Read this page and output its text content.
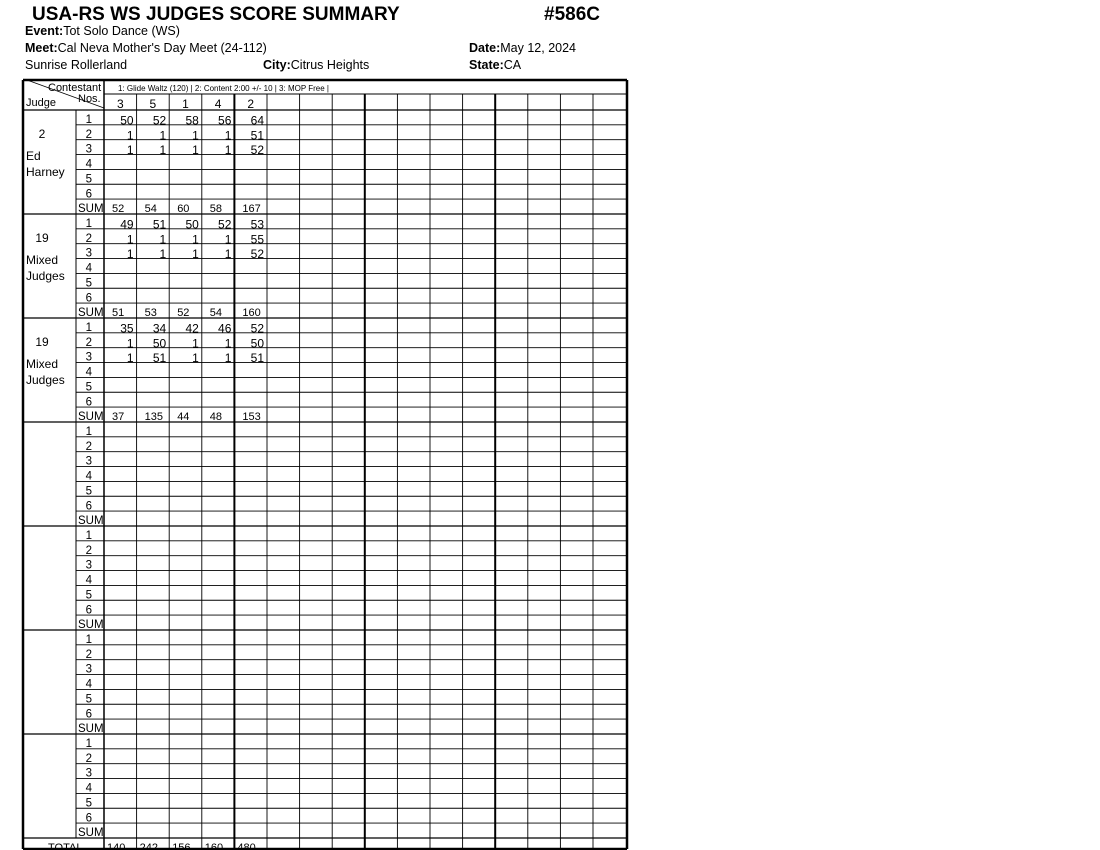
USA-RS WS JUDGES SCORE SUMMARY	#586C
Event:Tot Solo Dance (WS)
Meet:Cal Neva Mother's Day Meet (24-112)	Date:May 12, 2024
Sunrise Rollerland	City:Citrus Heights	State:CA
Contestant
Nos.
Judge
1: Glide Waltz (120) | 2: Content 2:00 +/- 10 | 3: MOP Free |
3 5 1 4 2
2
Ed
Harney
1 50 52 58 56 64
2	1 1 1 1 51
3	1 1 1 1 52
4
5
6
SUM 52 54 60 58 167
19
Mixed
Judges
1 49 51 50 52 53
2	1 1 1 1 55
3	1 1 1 1 52
4
5
6
SUM 51 53 52 54 160
19
Mixed
Judges
1 35 34 42 46 52
2	1 50 1 1 50
3	1 51 1 1 51
4
5
6
SUM 37 135 44 48 153
1
2
3
4
5
6
SUM
1
2
3
4
5
6
SUM
1
2
3
4
5
6
SUM
1
2
3
4
5
6
SUM
TOTAL 140 242 156 160 480
